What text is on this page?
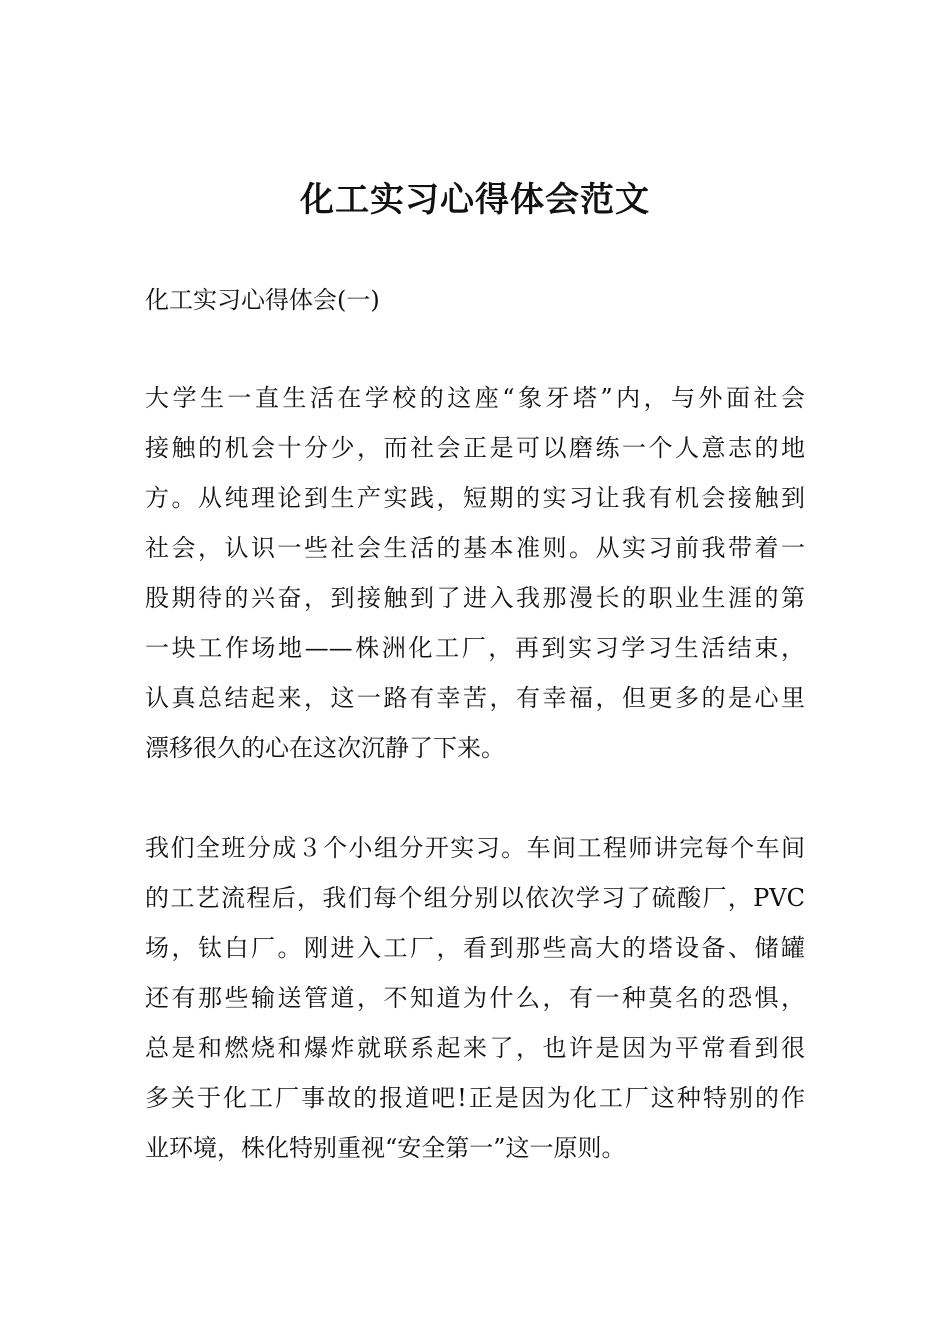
化工实习心得体会范文
化工实习心得体会(一)
大学生一直生活在学校的这座“象牙塔”内，与外面社会
接触的机会十分少，而社会正是可以磨练一个人意志的地
方。从纯理论到生产实践，短期的实习让我有机会接触到
社会，认识一些社会生活的基本准则。从实习前我带着一
股期待的兴奋，到接触到了进入我那漫长的职业生涯的第
一块工作场地——株洲化工厂，再到实习学习生活结束，
认真总结起来，这一路有幸苦，有幸福，但更多的是心里
漂移很久的心在这次沉静了下来。
我们全班分成３个小组分开实习。车间工程师讲完每个车间
的工艺流程后，我们每个组分别以依次学习了硫酸厂，PVC
场，钛白厂。刚进入工厂，看到那些高大的塔设备、储罐
还有那些输送管道，不知道为什么，有一种莫名的恐惧，
总是和燃烧和爆炸就联系起来了，也许是因为平常看到很
多关于化工厂事故的报道吧!正是因为化工厂这种特别的作
业环境，株化特别重视“安全第一”这一原则。
